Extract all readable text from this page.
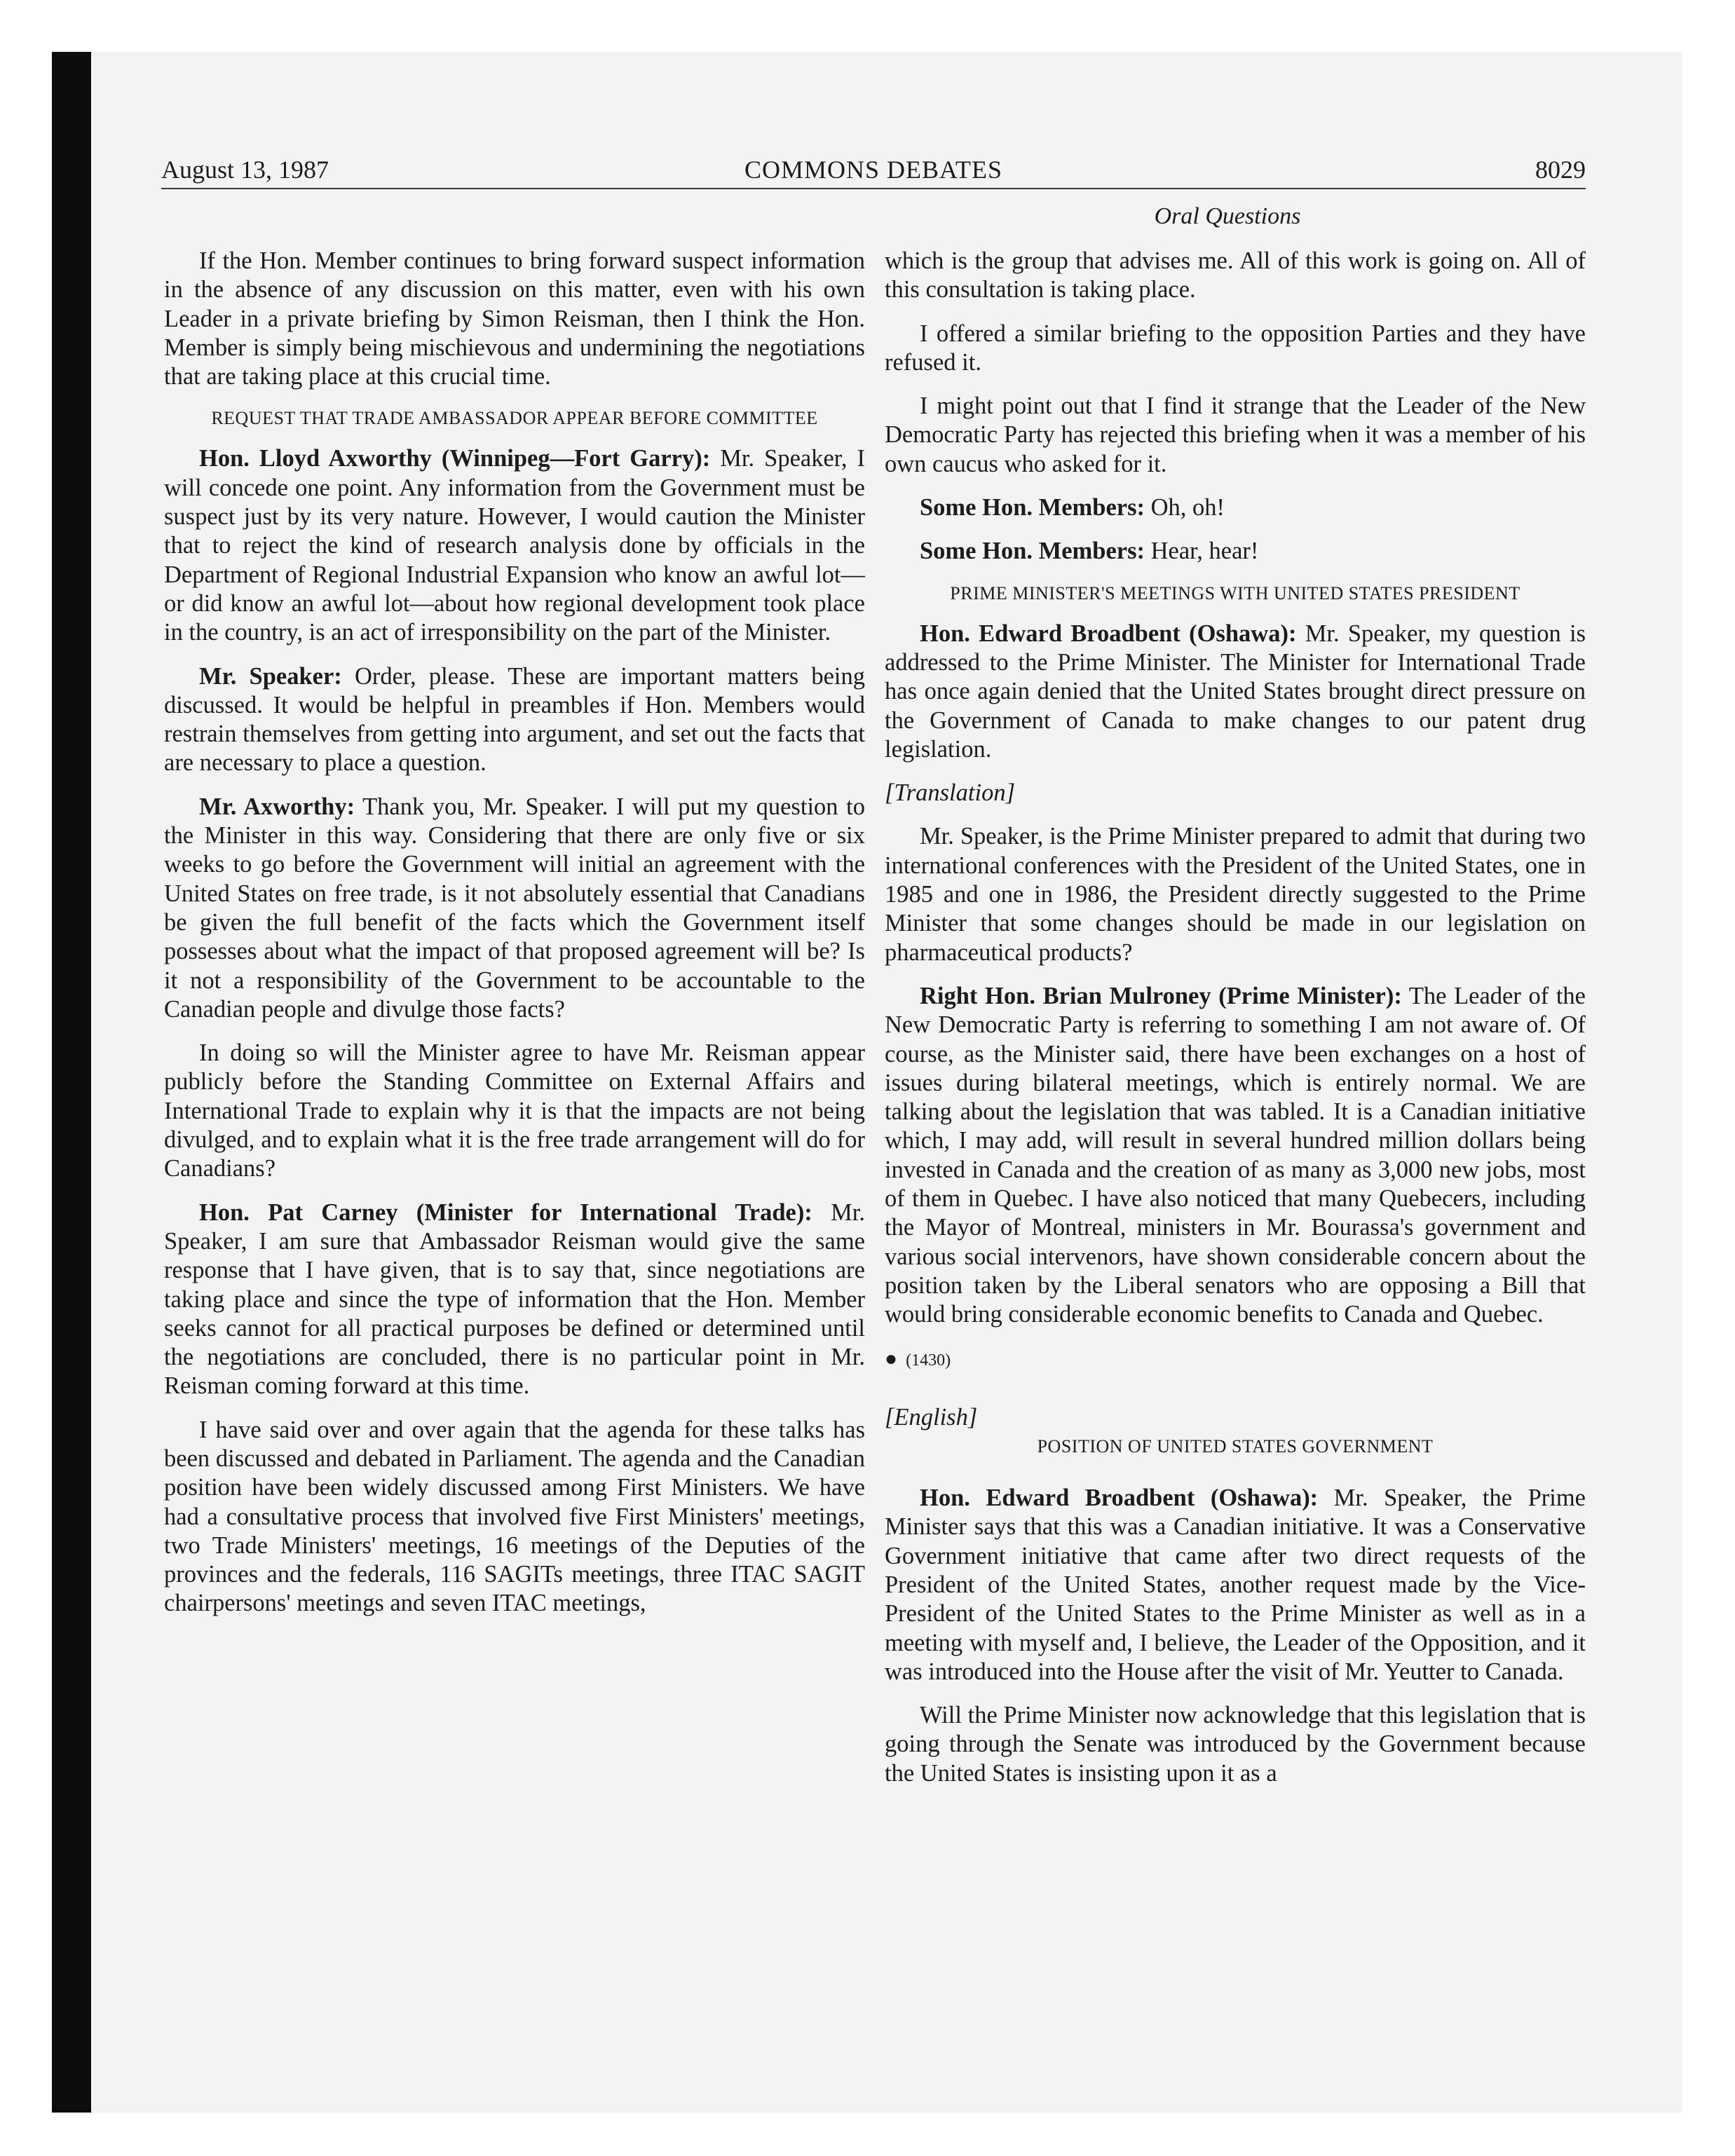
August 13, 1987	COMMONS DEBATES	8029
Oral Questions

If the Hon. Member continues to bring forward suspect information in the absence of any discussion on this matter, even with his own Leader in a private briefing by Simon Reisman, then I think the Hon. Member is simply being mischievous and undermining the negotiations that are taking place at this crucial time.

REQUEST THAT TRADE AMBASSADOR APPEAR BEFORE COMMITTEE

Hon. Lloyd Axworthy (Winnipeg—Fort Garry): Mr. Speaker, I will concede one point. Any information from the Government must be suspect just by its very nature. However, I would caution the Minister that to reject the kind of research analysis done by officials in the Department of Regional Industrial Expansion who know an awful lot—or did know an awful lot—about how regional development took place in the country, is an act of irresponsibility on the part of the Minister.

Mr. Speaker: Order, please. These are important matters being discussed. It would be helpful in preambles if Hon. Members would restrain themselves from getting into argument, and set out the facts that are necessary to place a question.

Mr. Axworthy: Thank you, Mr. Speaker. I will put my question to the Minister in this way. Considering that there are only five or six weeks to go before the Government will initial an agreement with the United States on free trade, is it not absolutely essential that Canadians be given the full benefit of the facts which the Government itself possesses about what the impact of that proposed agreement will be? Is it not a responsibility of the Government to be accountable to the Canadian people and divulge those facts?

In doing so will the Minister agree to have Mr. Reisman appear publicly before the Standing Committee on External Affairs and International Trade to explain why it is that the impacts are not being divulged, and to explain what it is the free trade arrangement will do for Canadians?

Hon. Pat Carney (Minister for International Trade): Mr. Speaker, I am sure that Ambassador Reisman would give the same response that I have given, that is to say that, since negotiations are taking place and since the type of information that the Hon. Member seeks cannot for all practical purposes be defined or determined until the negotiations are concluded, there is no particular point in Mr. Reisman coming forward at this time.

I have said over and over again that the agenda for these talks has been discussed and debated in Parliament. The agenda and the Canadian position have been widely discussed among First Ministers. We have had a consultative process that involved five First Ministers' meetings, two Trade Ministers' meetings, 16 meetings of the Deputies of the provinces and the federals, 116 SAGITs meetings, three ITAC SAGIT chairpersons' meetings and seven ITAC meetings,

which is the group that advises me. All of this work is going on. All of this consultation is taking place.

I offered a similar briefing to the opposition Parties and they have refused it.

I might point out that I find it strange that the Leader of the New Democratic Party has rejected this briefing when it was a member of his own caucus who asked for it.

Some Hon. Members: Oh, oh!

Some Hon. Members: Hear, hear!

PRIME MINISTER'S MEETINGS WITH UNITED STATES PRESIDENT

Hon. Edward Broadbent (Oshawa): Mr. Speaker, my question is addressed to the Prime Minister. The Minister for International Trade has once again denied that the United States brought direct pressure on the Government of Canada to make changes to our patent drug legislation.

[Translation]

Mr. Speaker, is the Prime Minister prepared to admit that during two international conferences with the President of the United States, one in 1985 and one in 1986, the President directly suggested to the Prime Minister that some changes should be made in our legislation on pharmaceutical products?

Right Hon. Brian Mulroney (Prime Minister): The Leader of the New Democratic Party is referring to something I am not aware of. Of course, as the Minister said, there have been exchanges on a host of issues during bilateral meetings, which is entirely normal. We are talking about the legislation that was tabled. It is a Canadian initiative which, I may add, will result in several hundred million dollars being invested in Canada and the creation of as many as 3,000 new jobs, most of them in Quebec. I have also noticed that many Quebecers, including the Mayor of Montreal, ministers in Mr. Bourassa's government and various social intervenors, have shown considerable concern about the position taken by the Liberal senators who are opposing a Bill that would bring considerable economic benefits to Canada and Quebec.

● (1430)
[English]
POSITION OF UNITED STATES GOVERNMENT

Hon. Edward Broadbent (Oshawa): Mr. Speaker, the Prime Minister says that this was a Canadian initiative. It was a Conservative Government initiative that came after two direct requests of the President of the United States, another request made by the Vice-President of the United States to the Prime Minister as well as in a meeting with myself and, I believe, the Leader of the Opposition, and it was introduced into the House after the visit of Mr. Yeutter to Canada.

Will the Prime Minister now acknowledge that this legislation that is going through the Senate was introduced by the Government because the United States is insisting upon it as a
